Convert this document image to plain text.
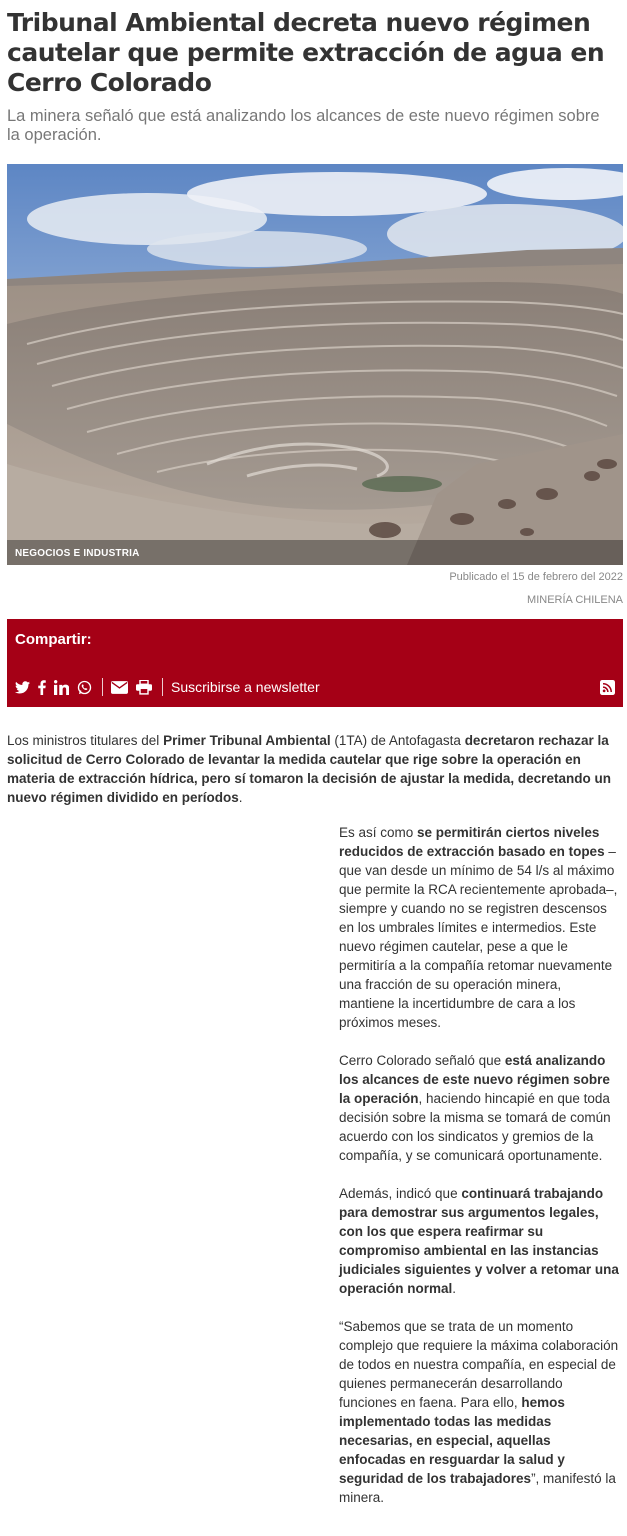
Tribunal Ambiental decreta nuevo régimen cautelar que permite extracción de agua en Cerro Colorado

La minera señaló que está analizando los alcances de este nuevo régimen sobre la operación.

NEGOCIOS E INDUSTRIA
Publicado el 15 de febrero del 2022
MINERÍA CHILENA
Compartir:
Suscribirse a newsletter

Los ministros titulares del Primer Tribunal Ambiental (1TA) de Antofagasta decretaron rechazar la solicitud de Cerro Colorado de levantar la medida cautelar que rige sobre la operación en materia de extracción hídrica, pero sí tomaron la decisión de ajustar la medida, decretando un nuevo régimen dividido en períodos.

Es así como se permitirán ciertos niveles reducidos de extracción basado en topes –que van desde un mínimo de 54 l/s al máximo que permite la RCA recientemente aprobada–, siempre y cuando no se registren descensos en los umbrales límites e intermedios. Este nuevo régimen cautelar, pese a que le permitiría a la compañía retomar nuevamente una fracción de su operación minera, mantiene la incertidumbre de cara a los próximos meses.

Cerro Colorado señaló que está analizando los alcances de este nuevo régimen sobre la operación, haciendo hincapié en que toda decisión sobre la misma se tomará de común acuerdo con los sindicatos y gremios de la compañía, y se comunicará oportunamente.

Además, indicó que continuará trabajando para demostrar sus argumentos legales, con los que espera reafirmar su compromiso ambiental en las instancias judiciales siguientes y volver a retomar una operación normal.

“Sabemos que se trata de un momento complejo que requiere la máxima colaboración de todos en nuestra compañía, en especial de quienes permanecerán desarrollando funciones en faena. Para ello, hemos implementado todas las medidas necesarias, en especial, aquellas enfocadas en resguardar la salud y seguridad de los trabajadores”, manifestó la minera.
